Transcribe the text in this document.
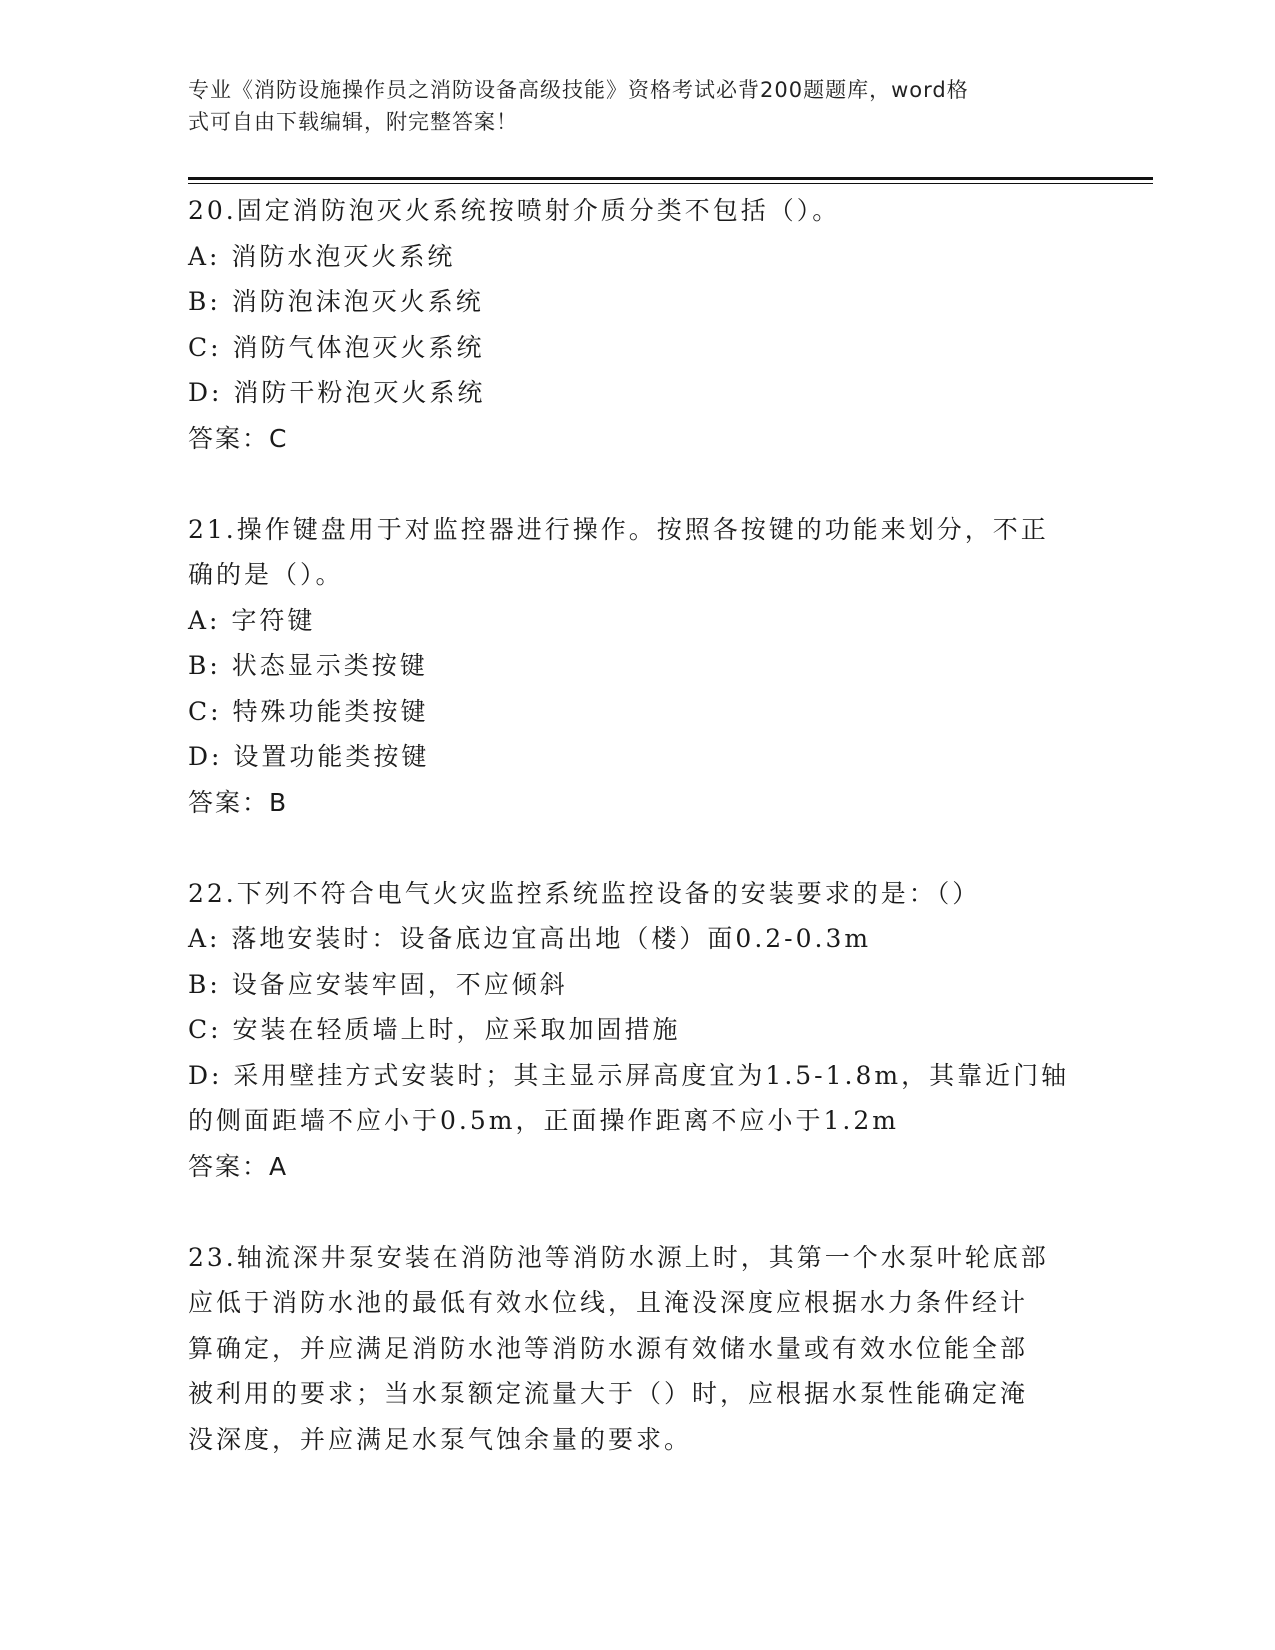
专业《消防设施操作员之消防设备高级技能》资格考试必背200题题库，word格
式可自由下载编辑，附完整答案！
20.固定消防泡灭火系统按喷射介质分类不包括（）。
A: 消防水泡灭火系统
B: 消防泡沫泡灭火系统
C: 消防气体泡灭火系统
D: 消防干粉泡灭火系统
答案：C
21.操作键盘用于对监控器进行操作。按照各按键的功能来划分，不正
确的是（）。
A: 字符键
B: 状态显示类按键
C: 特殊功能类按键
D: 设置功能类按键
答案：B
22.下列不符合电气火灾监控系统监控设备的安装要求的是：（）
A: 落地安装时：设备底边宜高出地（楼）面0.2-0.3m
B: 设备应安装牢固，不应倾斜
C: 安装在轻质墙上时，应采取加固措施
D: 采用壁挂方式安装时；其主显示屏高度宜为1.5-1.8m，其靠近门轴
的侧面距墙不应小于0.5m，正面操作距离不应小于1.2m
答案：A
23.轴流深井泵安装在消防池等消防水源上时，其第一个水泵叶轮底部
应低于消防水池的最低有效水位线，且淹没深度应根据水力条件经计
算确定，并应满足消防水池等消防水源有效储水量或有效水位能全部
被利用的要求；当水泵额定流量大于（）时，应根据水泵性能确定淹
没深度，并应满足水泵气蚀余量的要求。
